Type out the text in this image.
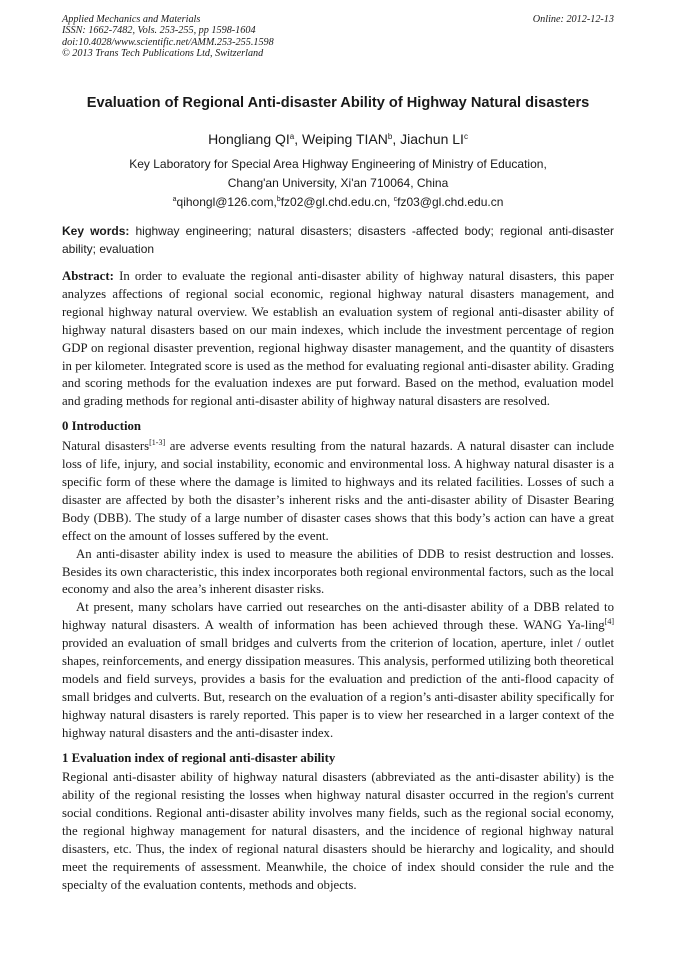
Applied Mechanics and Materials
ISSN: 1662-7482, Vols. 253-255, pp 1598-1604
doi:10.4028/www.scientific.net/AMM.253-255.1598
© 2013 Trans Tech Publications Ltd, Switzerland
Online: 2012-12-13
Evaluation of Regional Anti-disaster Ability of Highway Natural disasters
Hongliang $QI^a$, Weiping TIAN$^b$, Jiachun $LI^c$
Key Laboratory for Special Area Highway Engineering of Ministry of Education,
Chang'an University, Xi'an 710064, China
$^a$qihongl@126.com,$^b$fz02@gl.chd.edu.cn, $^c$fz03@gl.chd.edu.cn
Key words: highway engineering; natural disasters; disasters -affected body; regional anti-disaster ability; evaluation
Abstract: In order to evaluate the regional anti-disaster ability of highway natural disasters, this paper analyzes affections of regional social economic, regional highway natural disasters management, and regional highway natural overview. We establish an evaluation system of regional anti-disaster ability of highway natural disasters based on our main indexes, which include the investment percentage of region GDP on regional disaster prevention, regional highway disaster management, and the quantity of disasters in per kilometer. Integrated score is used as the method for evaluating regional anti-disaster ability. Grading and scoring methods for the evaluation indexes are put forward. Based on the method, evaluation model and grading methods for regional anti-disaster ability of highway natural disasters are resolved.
0 Introduction

Natural disasters[1-3] are adverse events resulting from the natural hazards. A natural disaster can include loss of life, injury, and social instability, economic and environmental loss. A highway natural disaster is a specific form of these where the damage is limited to highways and its related facilities. Losses of such a disaster are affected by both the disaster’s inherent risks and the anti-disaster ability of Disaster Bearing Body (DBB). The study of a large number of disaster cases shows that this body’s action can have a great effect on the amount of losses suffered by the event.

An anti-disaster ability index is used to measure the abilities of DDB to resist destruction and losses. Besides its own characteristic, this index incorporates both regional environmental factors, such as the local economy and also the area’s inherent disaster risks.

At present, many scholars have carried out researches on the anti-disaster ability of a DBB related to highway natural disasters. A wealth of information has been achieved through these. WANG Ya-ling[4] provided an evaluation of small bridges and culverts from the criterion of location, aperture, inlet / outlet shapes, reinforcements, and energy dissipation measures. This analysis, performed utilizing both theoretical models and field surveys, provides a basis for the evaluation and prediction of the anti-flood capacity of small bridges and culverts. But, research on the evaluation of a region’s anti-disaster ability specifically for highway natural disasters is rarely reported. This paper is to view her researched in a larger context of the highway natural disasters and the anti-disaster index.

1 Evaluation index of regional anti-disaster ability

Regional anti-disaster ability of highway natural disasters (abbreviated as the anti-disaster ability) is the ability of the regional resisting the losses when highway natural disaster occurred in the region's current social conditions. Regional anti-disaster ability involves many fields, such as the regional social economy, the regional highway management for natural disasters, and the incidence of regional highway natural disasters, etc. Thus, the index of regional natural disasters should be hierarchy and logicality, and should meet the requirements of assessment. Meanwhile, the choice of index should consider the rule and the specialty of the evaluation contents, methods and objects.
